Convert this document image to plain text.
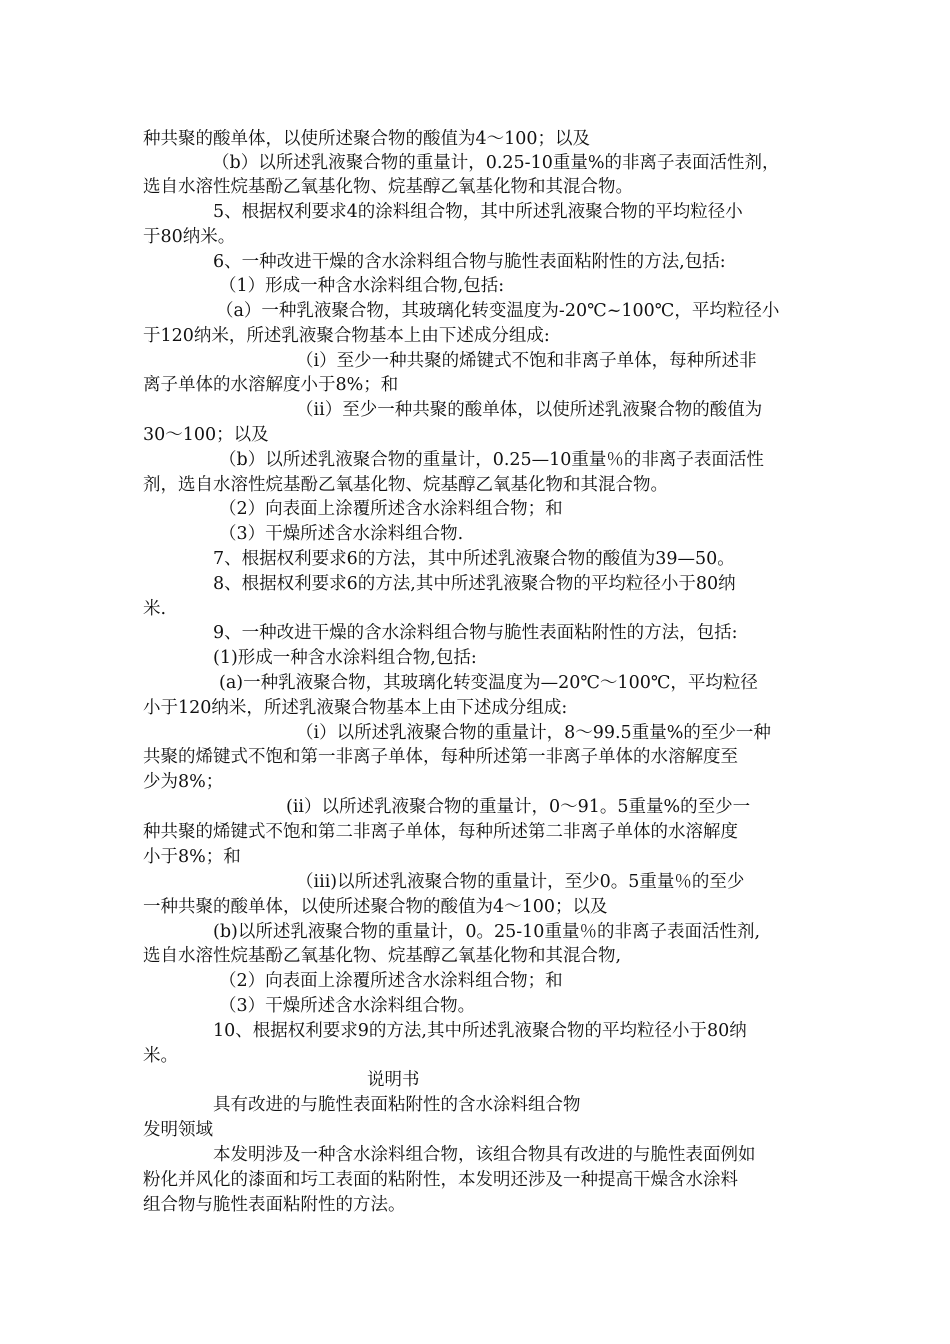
种共聚的酸单体，以使所述聚合物的酸值为4～100；以及
（b）以所述乳液聚合物的重量计，0.25-10重量%的非离子表面活性剂，
选自水溶性烷基酚乙氧基化物、烷基醇乙氧基化物和其混合物。
5、根据权利要求4的涂料组合物，其中所述乳液聚合物的平均粒径小
于80纳米。
6、一种改进干燥的含水涂料组合物与脆性表面粘附性的方法,包括:
（1）形成一种含水涂料组合物,包括:
（a）一种乳液聚合物，其玻璃化转变温度为-20℃~100℃，平均粒径小
于120纳米，所述乳液聚合物基本上由下述成分组成:
（i）至少一种共聚的烯键式不饱和非离子单体，每种所述非
离子单体的水溶解度小于8%；和
（ii）至少一种共聚的酸单体，以使所述乳液聚合物的酸值为
30～100；以及
（b）以所述乳液聚合物的重量计，0.25—10重量％的非离子表面活性
剂，选自水溶性烷基酚乙氧基化物、烷基醇乙氧基化物和其混合物。
（2）向表面上涂覆所述含水涂料组合物；和
（3）干燥所述含水涂料组合物.
7、根据权利要求6的方法，其中所述乳液聚合物的酸值为39—50。
8、根据权利要求6的方法,其中所述乳液聚合物的平均粒径小于80纳
米.
9、一种改进干燥的含水涂料组合物与脆性表面粘附性的方法，包括:
(1)形成一种含水涂料组合物,包括:
(a)一种乳液聚合物，其玻璃化转变温度为—20℃～100℃，平均粒径
小于120纳米，所述乳液聚合物基本上由下述成分组成:
（i）以所述乳液聚合物的重量计，8～99.5重量%的至少一种
共聚的烯键式不饱和第一非离子单体，每种所述第一非离子单体的水溶解度至
少为8%；
(ii）以所述乳液聚合物的重量计，0～91。5重量%的至少一
种共聚的烯键式不饱和第二非离子单体，每种所述第二非离子单体的水溶解度
小于8%；和
（iii)以所述乳液聚合物的重量计，至少0。5重量％的至少
一种共聚的酸单体，以使所述聚合物的酸值为4～100；以及
(b)以所述乳液聚合物的重量计，0。25-10重量％的非离子表面活性剂,
选自水溶性烷基酚乙氧基化物、烷基醇乙氧基化物和其混合物,
（2）向表面上涂覆所述含水涂料组合物；和
（3）干燥所述含水涂料组合物。
10、根据权利要求9的方法,其中所述乳液聚合物的平均粒径小于80纳
米。
说明书
具有改进的与脆性表面粘附性的含水涂料组合物
发明领域
本发明涉及一种含水涂料组合物，该组合物具有改进的与脆性表面例如
粉化并风化的漆面和圬工表面的粘附性，本发明还涉及一种提高干燥含水涂料
组合物与脆性表面粘附性的方法。
